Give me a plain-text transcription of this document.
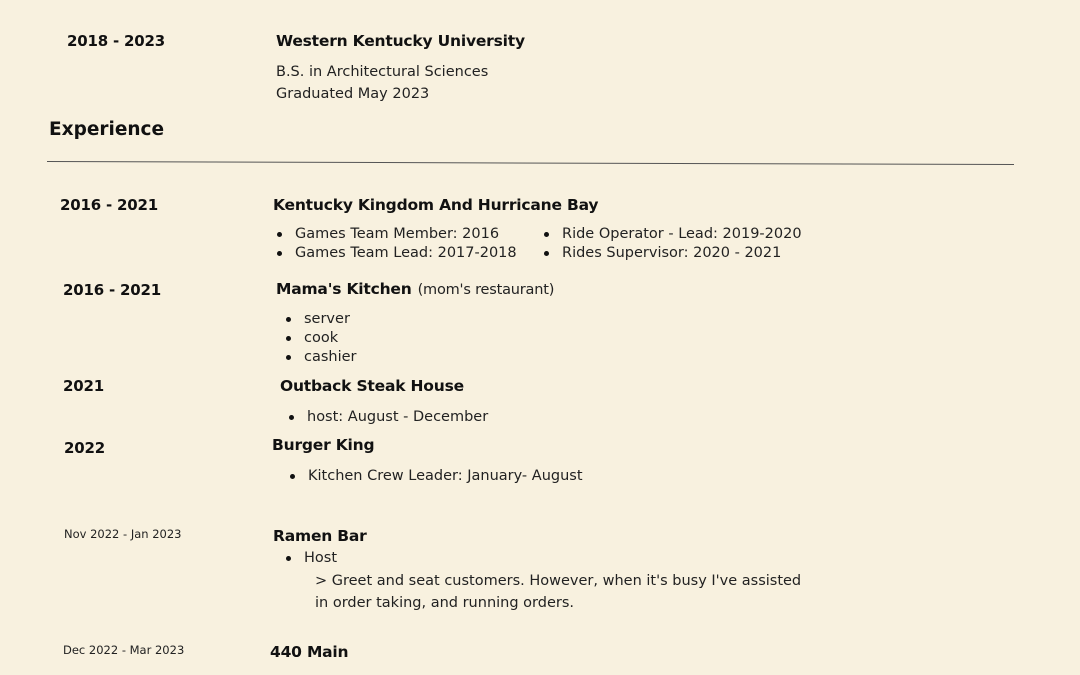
2018 - 2023	Western Kentucky University
B.S. in Architectural Sciences
Graduated May 2023
Experience
2016 - 2021	Kentucky Kingdom And Hurricane Bay
Games Team Member: 2016
Games Team Lead: 2017-2018
Ride Operator - Lead: 2019-2020
Rides Supervisor: 2020 - 2021
2016 - 2021	Mama's Kitchen (mom's restaurant)
server
cook
cashier
2021	Outback Steak House
host: August - December
2022	Burger King
Kitchen Crew Leader: January- August
Nov 2022 - Jan 2023	Ramen Bar
Host
> Greet and seat customers. However, when it's busy I've assisted
in order taking, and running orders.
Dec 2022 - Mar 2023	440 Main
